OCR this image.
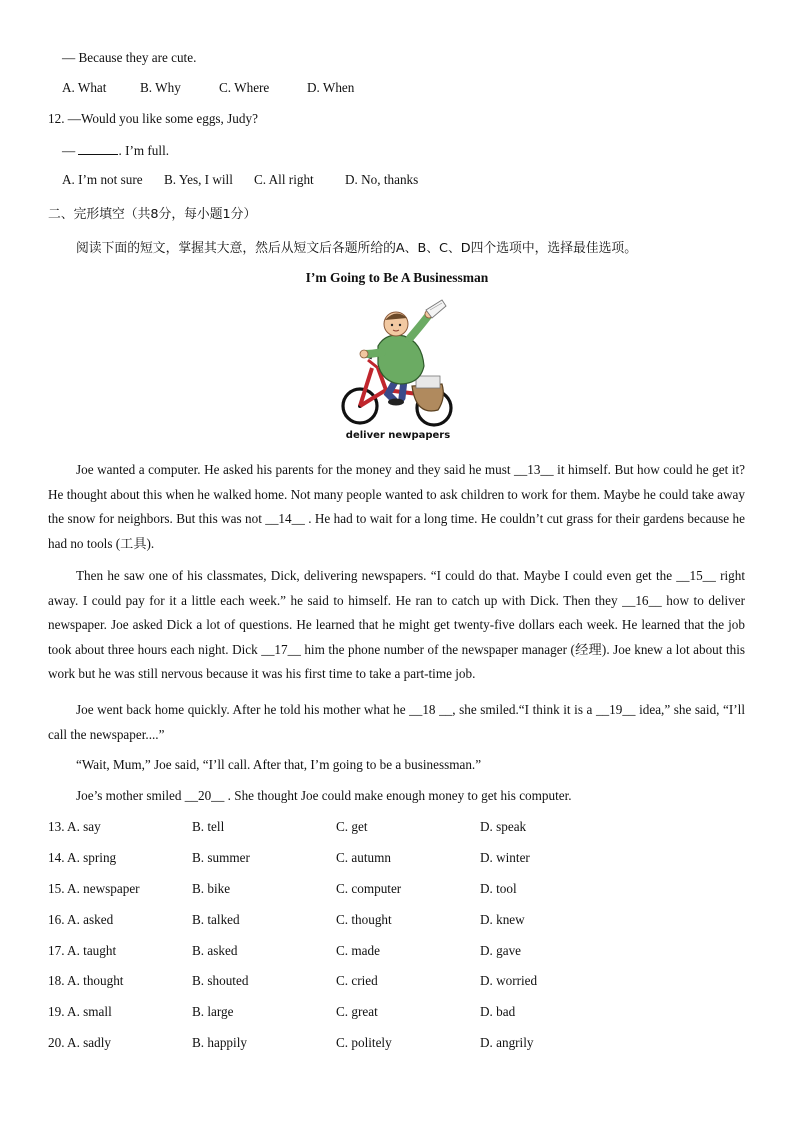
— Because they are cute.
A. What	B. Why	C. Where	D. When
12. —Would you like some eggs, Judy?
—	. I’m full.
A. I’m not sure B. Yes, I will C. All right D. No, thanks
二、完形填空（共8分，每小题1分）
阅读下面的短文，掌握其大意，然后从短文后各题所给的A、B、C、D四个选项中，选择最佳选项。
I’m Going to Be A Businessman
deliver newpapers
Joe wanted a computer. He asked his parents for the money and they said he must __13__ it himself. But how could he get it? He thought about this when he walked home. Not many people wanted to ask children to work for them. Maybe he could take away the snow for neighbors. But this was not __14__ . He had to wait for a long time. He couldn’t cut grass for their gardens because he had no tools (工具).
Then he saw one of his classmates, Dick, delivering newspapers. “I could do that. Maybe I could even get the __15__ right away. I could pay for it a little each week.” he said to himself. He ran to catch up with Dick. Then they __16__ how to deliver newspaper. Joe asked Dick a lot of questions. He learned that he might get twenty-five dollars each week. He learned that the job took about three hours each night. Dick __17__ him the phone number of the newspaper manager (经理). Joe knew a lot about this work but he was still nervous because it was his first time to take a part-time job.
Joe went back home quickly. After he told his mother what he __18 __, she smiled.“I think it is a __19__ idea,” she said, “I’ll call the newspaper....”
“Wait, Mum,” Joe said, “I’ll call. After that, I’m going to be a businessman.”
Joe’s mother smiled __20__ . She thought Joe could make enough money to get his computer.
13. A. say	B. tell	C. get	D. speak
14. A. spring	B. summer	C. autumn	D. winter
15. A. newspaper	B. bike	C. computer	D. tool
16. A. asked	B. talked	C. thought	D. knew
17. A. taught	B. asked	C. made	D. gave
18. A. thought	B. shouted	C. cried	D. worried
19. A. small	B. large	C. great	D. bad
20. A. sadly	B. happily	C. politely	D. angrily
